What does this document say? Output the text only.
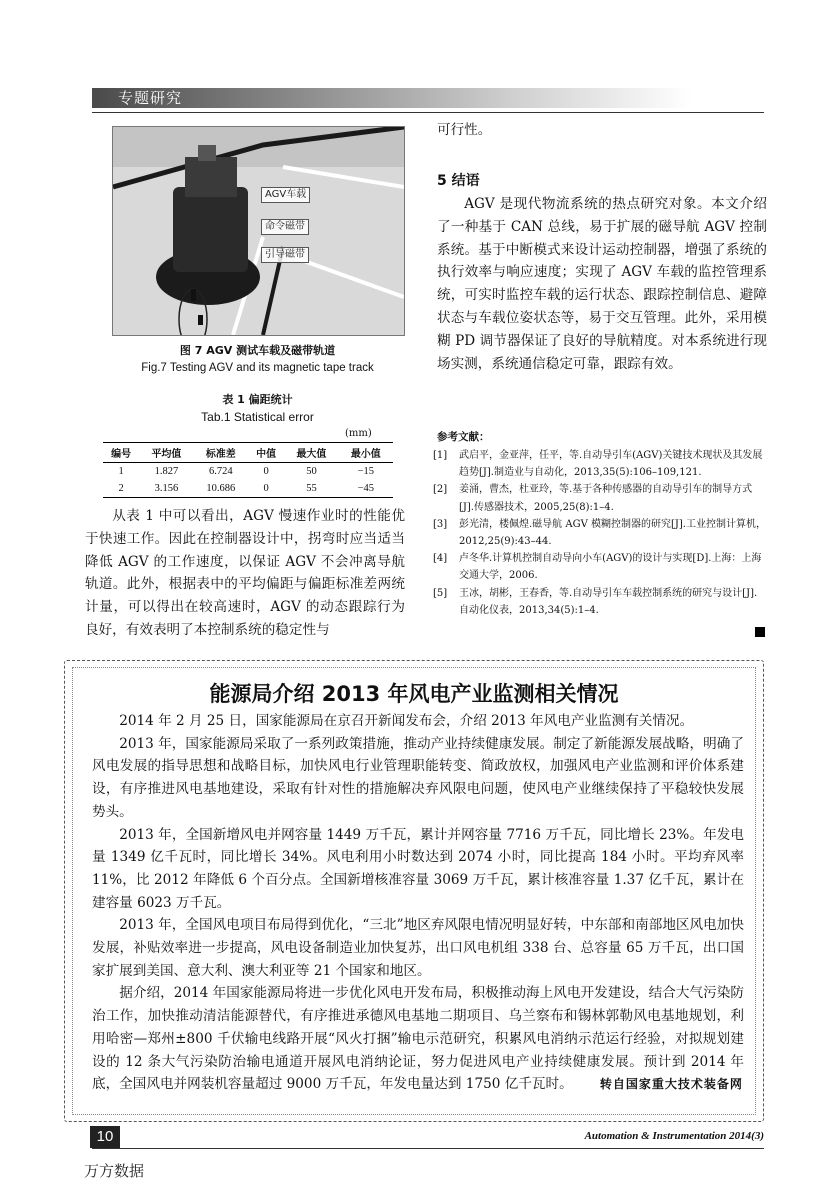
专题研究
AGV车载
命令磁带
引导磁带
图 7 AGV 测试车载及磁带轨道
Fig.7 Testing AGV and its magnetic tape track
表 1 偏距统计
Tab.1 Statistical error
(mm)
编号	平均值	标准差	中值	最大值	最小值
1	1.827	6.724	0	50	−15
2	3.156	10.686	0	55	−45

从表 1 中可以看出，AGV 慢速作业时的性能优于快速工作。因此在控制器设计中，拐弯时应当适当降低 AGV 的工作速度，以保证 AGV 不会冲离导航轨道。此外，根据表中的平均偏距与偏距标准差两统计量，可以得出在较高速时，AGV 的动态跟踪行为良好，有效表明了本控制系统的稳定性与

可行性。
5 结语

AGV 是现代物流系统的热点研究对象。本文介绍了一种基于 CAN 总线，易于扩展的磁导航 AGV 控制系统。基于中断模式来设计运动控制器，增强了系统的执行效率与响应速度；实现了 AGV 车载的监控管理系统，可实时监控车载的运行状态、跟踪控制信息、避障状态与车载位姿状态等，易于交互管理。此外，采用模糊 PD 调节器保证了良好的导航精度。对本系统进行现场实测，系统通信稳定可靠，跟踪有效。

参考文献：
[1]	武启平，金亚萍，任平，等.自动导引车(AGV)关键技术现状及其发展趋势[J].制造业与自动化，2013,35(5):106–109,121.
[2]	姜涌，曹杰，杜亚玲，等.基于各种传感器的自动导引车的制导方式[J].传感器技术，2005,25(8):1–4.
[3]	彭光清，楼佩煌.磁导航 AGV 模糊控制器的研究[J].工业控制计算机，2012,25(9):43–44.
[4]	卢冬华.计算机控制自动导向小车(AGV)的设计与实现[D].上海：上海交通大学，2006.
[5]	王冰，胡彬，王春香，等.自动导引车车载控制系统的研究与设计[J].自动化仪表，2013,34(5):1–4.
能源局介绍 2013 年风电产业监测相关情况

2014 年 2 月 25 日，国家能源局在京召开新闻发布会，介绍 2013 年风电产业监测有关情况。

2013 年，国家能源局采取了一系列政策措施，推动产业持续健康发展。制定了新能源发展战略，明确了风电发展的指导思想和战略目标，加快风电行业管理职能转变、简政放权，加强风电产业监测和评价体系建设，有序推进风电基地建设，采取有针对性的措施解决弃风限电问题，使风电产业继续保持了平稳较快发展势头。

2013 年，全国新增风电并网容量 1449 万千瓦，累计并网容量 7716 万千瓦，同比增长 23%。年发电量 1349 亿千瓦时，同比增长 34%。风电利用小时数达到 2074 小时，同比提高 184 小时。平均弃风率 11%，比 2012 年降低 6 个百分点。全国新增核准容量 3069 万千瓦，累计核准容量 1.37 亿千瓦，累计在建容量 6023 万千瓦。

2013 年，全国风电项目布局得到优化，“三北”地区弃风限电情况明显好转，中东部和南部地区风电加快发展，补贴效率进一步提高，风电设备制造业加快复苏，出口风电机组 338 台、总容量 65 万千瓦，出口国家扩展到美国、意大利、澳大利亚等 21 个国家和地区。

据介绍，2014 年国家能源局将进一步优化风电开发布局，积极推动海上风电开发建设，结合大气污染防治工作，加快推动清洁能源替代，有序推进承德风电基地二期项目、乌兰察布和锡林郭勒风电基地规划，利用哈密—郑州±800 千伏输电线路开展“风火打捆”输电示范研究，积累风电消纳示范运行经验，对拟规划建设的 12 条大气污染防治输电通道开展风电消纳论证，努力促进风电产业持续健康发展。预计到 2014 年底，全国风电并网装机容量超过 9000 万千瓦，年发电量达到 1750 亿千瓦时。   转自国家重大技术装备网

10	Automation & Instrumentation 2014(3)
万方数据
